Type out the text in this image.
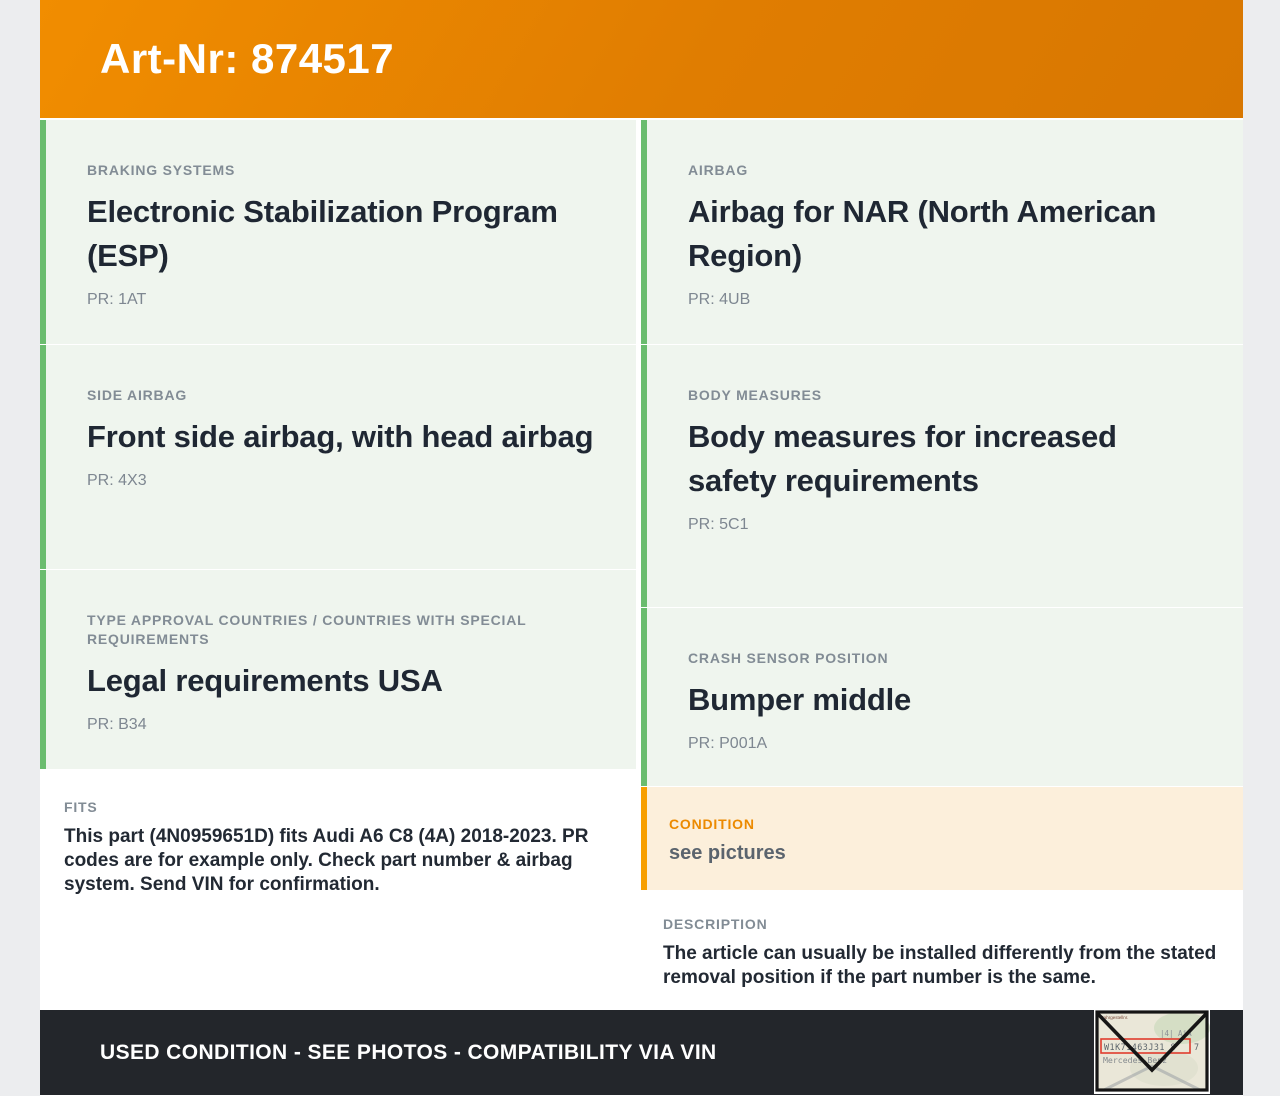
Art-Nr: 874517
BRAKING SYSTEMS
Electronic Stabilization Program (ESP)
PR: 1AT
SIDE AIRBAG
Front side airbag, with head airbag
PR: 4X3
TYPE APPROVAL COUNTRIES / COUNTRIES WITH SPECIAL REQUIREMENTS
Legal requirements USA
PR: B34
FITS
This part (4N0959651D) fits Audi A6 C8 (4A) 2018-2023. PR codes are for example only. Check part number & airbag system. Send VIN for confirmation.
AIRBAG
Airbag for NAR (North American Region)
PR: 4UB
BODY MEASURES
Body measures for increased safety requirements
PR: 5C1
CRASH SENSOR POSITION
Bumper middle
PR: P001A
CONDITION
see pictures
DESCRIPTION
The article can usually be installed differently from the stated removal position if the part number is the same.
USED CONDITION - SEE PHOTOS - COMPATIBILITY VIA VIN
Fahrgestellnr.
|4| AiA
W1K71463J31 8 7
Mercedes-Benz
